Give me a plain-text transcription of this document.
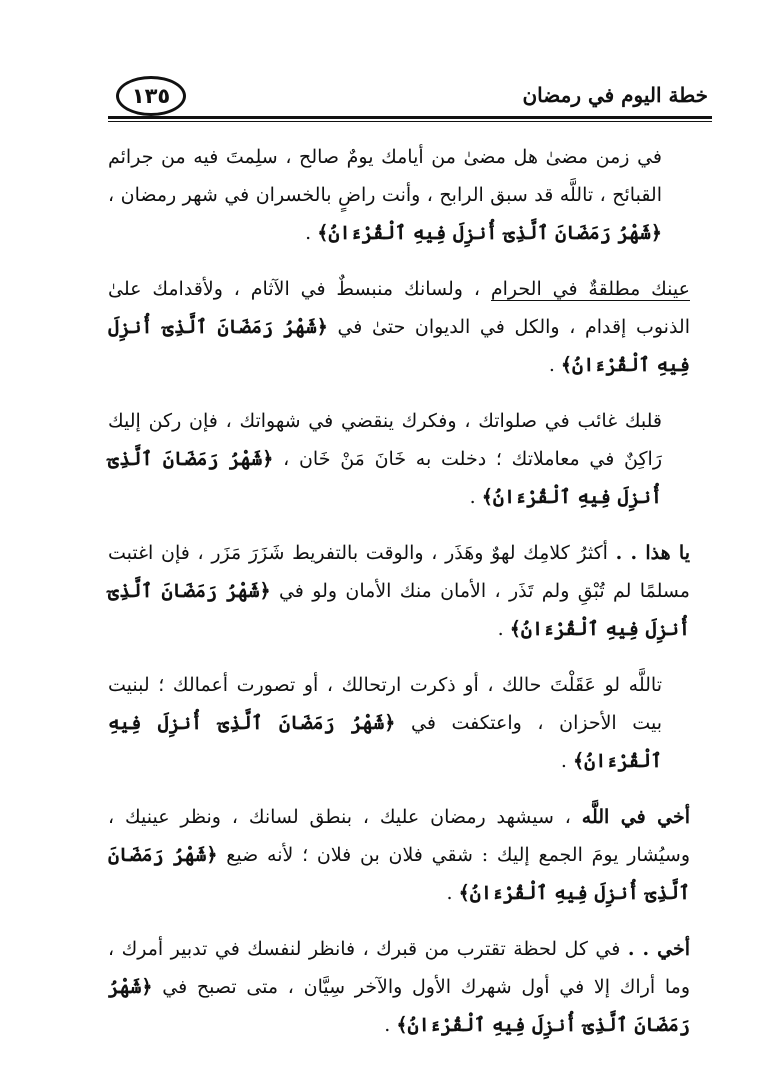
١٣٥	خطة اليوم في رمضان

في زمن مضىٰ هل مضىٰ من أيامك يومٌ صالح ، سلِمتَ فيه من جرائم القبائح ، تاللَّه قد سبق الرابح ، وأنت راضٍ بالخسران في شهر رمضان ، ﴿شَهْرُ رَمَضَانَ ٱلَّذِىٓ أُنزِلَ فِيهِ ٱلْقُرْءَانُ﴾ .

عينك مطلقةٌ في الحرام ، ولسانك منبسطٌ في الآثام ، ولأقدامك علىٰ الذنوب إقدام ، والكل في الديوان حتىٰ في ﴿شَهْرُ رَمَضَانَ ٱلَّذِىٓ أُنزِلَ فِيهِ ٱلْقُرْءَانُ﴾ .

قلبك غائب في صلواتك ، وفكرك ينقضي في شهواتك ، فإن ركن إليك رَاكِنٌ في معاملاتك ؛ دخلت به خَانَ مَنْ خَان ، ﴿شَهْرُ رَمَضَانَ ٱلَّذِىٓ أُنزِلَ فِيهِ ٱلْقُرْءَانُ﴾ .

يا هذا . . أكثرُ كلامِك لهوٌ وهَذَر ، والوقت بالتفريط شَزَرَ مَزَر ، فإن اغتبت مسلمًا لم تُبْقِ ولم تَذَر ، الأمان منك الأمان ولو في ﴿شَهْرُ رَمَضَانَ ٱلَّذِىٓ أُنزِلَ فِيهِ ٱلْقُرْءَانُ﴾ .

تاللَّه لو عَقَلْتَ حالك ، أو ذكرت ارتحالك ، أو تصورت أعمالك ؛ لبنيت بيت الأحزان ، واعتكفت في ﴿شَهْرُ رَمَضَانَ ٱلَّذِىٓ أُنزِلَ فِيهِ ٱلْقُرْءَانُ﴾ .

أخي في اللَّه ، سيشهد رمضان عليك ، بنطق لسانك ، ونظر عينيك ، وسيُشار يومَ الجمع إليك : شقي فلان بن فلان ؛ لأنه ضيع ﴿شَهْرُ رَمَضَانَ ٱلَّذِىٓ أُنزِلَ فِيهِ ٱلْقُرْءَانُ﴾ .

أخي . . في كل لحظة تقترب من قبرك ، فانظر لنفسك في تدبير أمرك ، وما أراك إلا في أول شهرك الأول والآخر سِيَّان ، متى تصبح في ﴿شَهْرُ رَمَضَانَ ٱلَّذِىٓ أُنزِلَ فِيهِ ٱلْقُرْءَانُ﴾ .
